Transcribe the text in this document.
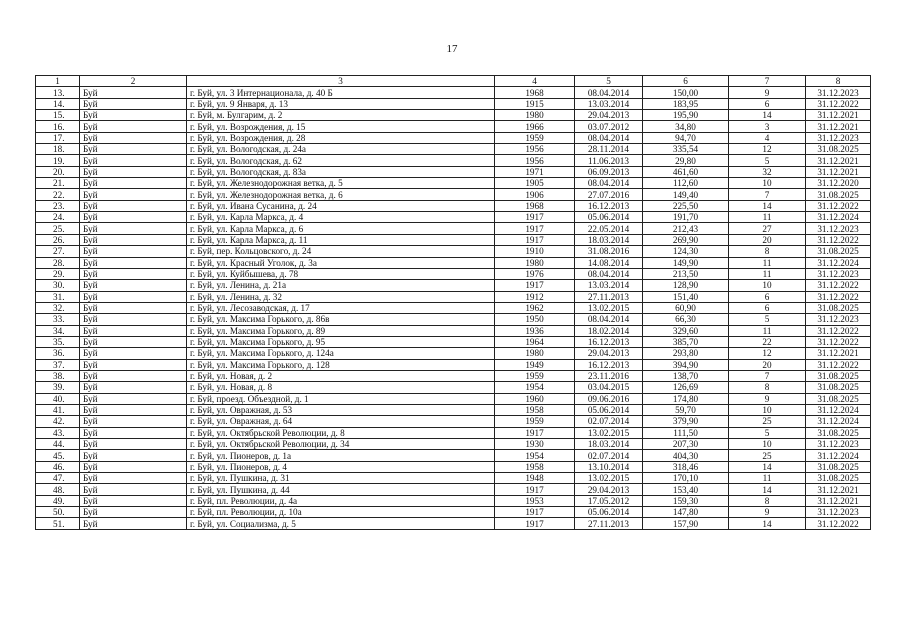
17
1	2	3	4	5	6	7	8
13.	Буй	г. Буй, ул. 3 Интернационала, д. 40 Б	1968	08.04.2014	150,00	9	31.12.2023
14.	Буй	г. Буй, ул. 9 Января, д. 13	1915	13.03.2014	183,95	6	31.12.2022
15.	Буй	г. Буй, м. Булгарим, д. 2	1980	29.04.2013	195,90	14	31.12.2021
16.	Буй	г. Буй, ул. Возрождения, д. 15	1966	03.07.2012	34,80	3	31.12.2021
17.	Буй	г. Буй, ул. Возрождения, д. 28	1959	08.04.2014	94,70	4	31.12.2023
18.	Буй	г. Буй, ул. Вологодская, д. 24а	1956	28.11.2014	335,54	12	31.08.2025
19.	Буй	г. Буй, ул. Вологодская, д. 62	1956	11.06.2013	29,80	5	31.12.2021
20.	Буй	г. Буй, ул. Вологодская, д. 83а	1971	06.09.2013	461,60	32	31.12.2021
21.	Буй	г. Буй, ул. Железнодорожная ветка, д. 5	1905	08.04.2014	112,60	10	31.12.2020
22.	Буй	г. Буй, ул. Железнодорожная ветка, д. 6	1906	27.07.2016	149,40	7	31.08.2025
23.	Буй	г. Буй, ул. Ивана Сусанина, д. 24	1968	16.12.2013	225,50	14	31.12.2022
24.	Буй	г. Буй, ул. Карла Маркса, д. 4	1917	05.06.2014	191,70	11	31.12.2024
25.	Буй	г. Буй, ул. Карла Маркса, д. 6	1917	22.05.2014	212,43	27	31.12.2023
26.	Буй	г. Буй, ул. Карла Маркса, д. 11	1917	18.03.2014	269,90	20	31.12.2022
27.	Буй	г. Буй, пер. Кольцовского, д. 24	1910	31.08.2016	124,30	8	31.08.2025
28.	Буй	г. Буй, ул. Красный Уголок, д. 3а	1980	14.08.2014	149,90	11	31.12.2024
29.	Буй	г. Буй, ул. Куйбышева, д. 78	1976	08.04.2014	213,50	11	31.12.2023
30.	Буй	г. Буй, ул. Ленина, д. 21а	1917	13.03.2014	128,90	10	31.12.2022
31.	Буй	г. Буй, ул. Ленина, д. 32	1912	27.11.2013	151,40	6	31.12.2022
32.	Буй	г. Буй, ул. Лесозаводская, д. 17	1962	13.02.2015	60,90	6	31.08.2025
33.	Буй	г. Буй, ул. Максима Горького, д. 86в	1950	08.04.2014	66,30	5	31.12.2023
34.	Буй	г. Буй, ул. Максима Горького, д. 89	1936	18.02.2014	329,60	11	31.12.2022
35.	Буй	г. Буй, ул. Максима Горького, д. 95	1964	16.12.2013	385,70	22	31.12.2022
36.	Буй	г. Буй, ул. Максима Горького, д. 124а	1980	29.04.2013	293,80	12	31.12.2021
37.	Буй	г. Буй, ул. Максима Горького, д. 128	1949	16.12.2013	394,90	20	31.12.2022
38.	Буй	г. Буй, ул. Новая, д. 2	1959	23.11.2016	138,70	7	31.08.2025
39.	Буй	г. Буй, ул. Новая, д. 8	1954	03.04.2015	126,69	8	31.08.2025
40.	Буй	г. Буй, проезд. Объездной, д. 1	1960	09.06.2016	174,80	9	31.08.2025
41.	Буй	г. Буй, ул. Овражная, д. 53	1958	05.06.2014	59,70	10	31.12.2024
42.	Буй	г. Буй, ул. Овражная, д. 64	1959	02.07.2014	379,90	25	31.12.2024
43.	Буй	г. Буй, ул. Октябрьской Революции, д. 8	1917	13.02.2015	111,50	5	31.08.2025
44.	Буй	г. Буй, ул. Октябрьской Революции, д. 34	1930	18.03.2014	207,30	10	31.12.2023
45.	Буй	г. Буй, ул. Пионеров, д. 1а	1954	02.07.2014	404,30	25	31.12.2024
46.	Буй	г. Буй, ул. Пионеров, д. 4	1958	13.10.2014	318,46	14	31.08.2025
47.	Буй	г. Буй, ул. Пушкина, д. 31	1948	13.02.2015	170,10	11	31.08.2025
48.	Буй	г. Буй, ул. Пушкина, д. 44	1917	29.04.2013	153,40	14	31.12.2021
49.	Буй	г. Буй, пл. Революции, д. 4а	1953	17.05.2012	159,30	8	31.12.2021
50.	Буй	г. Буй, пл. Революции, д. 10а	1917	05.06.2014	147,80	9	31.12.2023
51.	Буй	г. Буй, ул. Социализма, д. 5	1917	27.11.2013	157,90	14	31.12.2022
